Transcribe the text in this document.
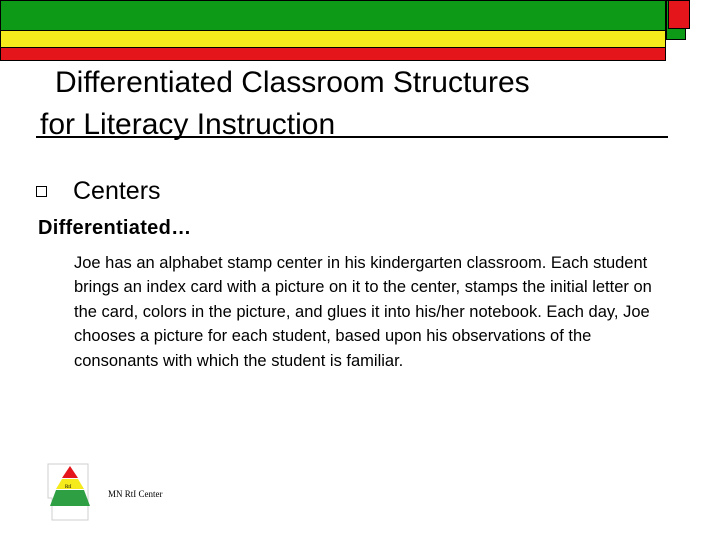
Differentiated Classroom Structures
for Literacy Instruction
Centers
Differentiated…

Joe has an alphabet stamp center in his kindergarten classroom. Each student brings an index card with a picture on it to the center, stamps the initial letter on the card, colors in the picture, and glues it into his/her notebook. Each day, Joe chooses a picture for each student, based upon his observations of the consonants with which the student is familiar.

RtI
MN RtI Center
